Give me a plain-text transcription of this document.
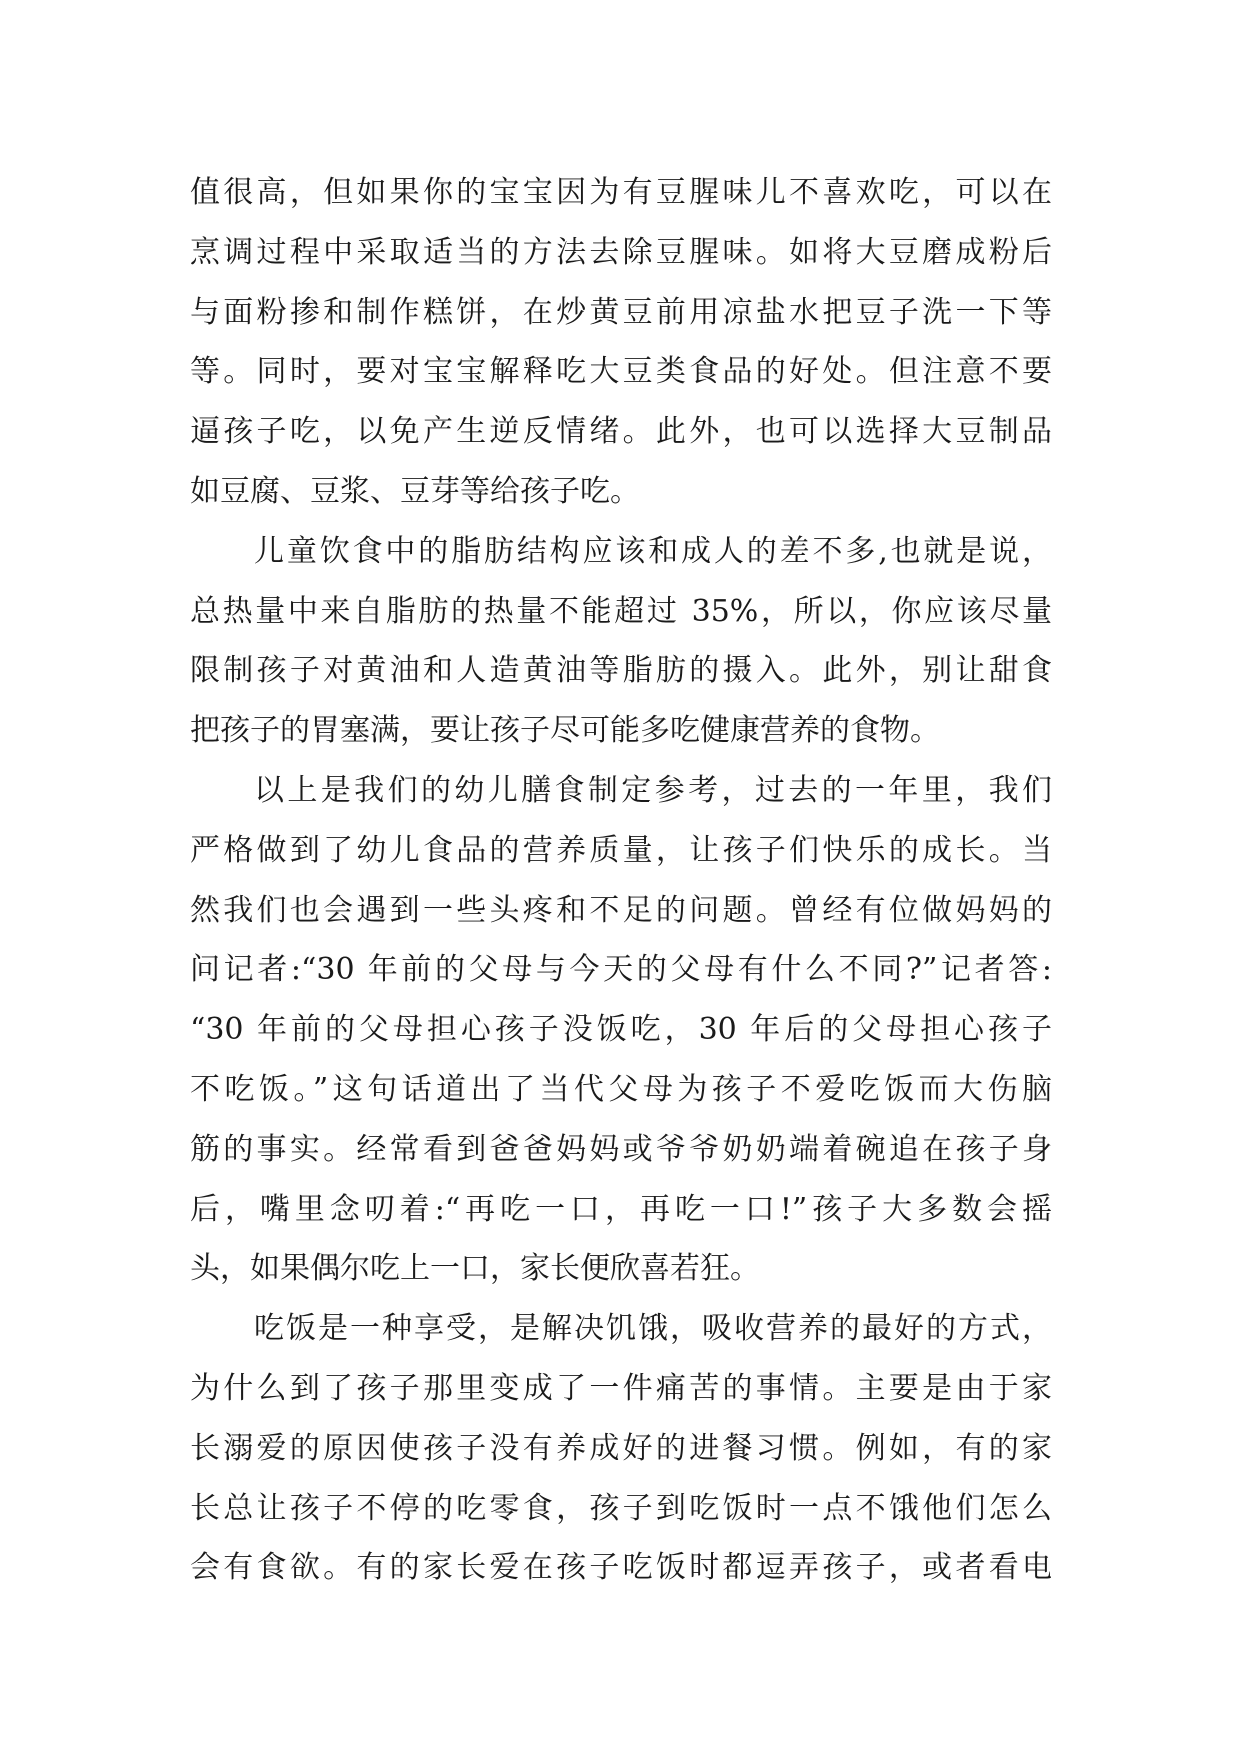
值很高，但如果你的宝宝因为有豆腥味儿不喜欢吃，可以在
烹调过程中采取适当的方法去除豆腥味。如将大豆磨成粉后
与面粉掺和制作糕饼，在炒黄豆前用凉盐水把豆子洗一下等
等。同时，要对宝宝解释吃大豆类食品的好处。但注意不要
逼孩子吃，以免产生逆反情绪。此外，也可以选择大豆制品
如豆腐、豆浆、豆芽等给孩子吃。
儿童饮食中的脂肪结构应该和成人的差不多,也就是说，
总热量中来自脂肪的热量不能超过 35%，所以，你应该尽量
限制孩子对黄油和人造黄油等脂肪的摄入。此外，别让甜食
把孩子的胃塞满，要让孩子尽可能多吃健康营养的食物。
以上是我们的幼儿膳食制定参考，过去的一年里，我们
严格做到了幼儿食品的营养质量，让孩子们快乐的成长。当
然我们也会遇到一些头疼和不足的问题。曾经有位做妈妈的
问记者:“30 年前的父母与今天的父母有什么不同?”记者答:
“30 年前的父母担心孩子没饭吃，30 年后的父母担心孩子
不吃饭。”这句话道出了当代父母为孩子不爱吃饭而大伤脑
筋的事实。经常看到爸爸妈妈或爷爷奶奶端着碗追在孩子身
后，嘴里念叨着:“再吃一口，再吃一口!”孩子大多数会摇
头，如果偶尔吃上一口，家长便欣喜若狂。
吃饭是一种享受，是解决饥饿，吸收营养的最好的方式，
为什么到了孩子那里变成了一件痛苦的事情。主要是由于家
长溺爱的原因使孩子没有养成好的进餐习惯。例如，有的家
长总让孩子不停的吃零食，孩子到吃饭时一点不饿他们怎么
会有食欲。有的家长爱在孩子吃饭时都逗弄孩子，或者看电
